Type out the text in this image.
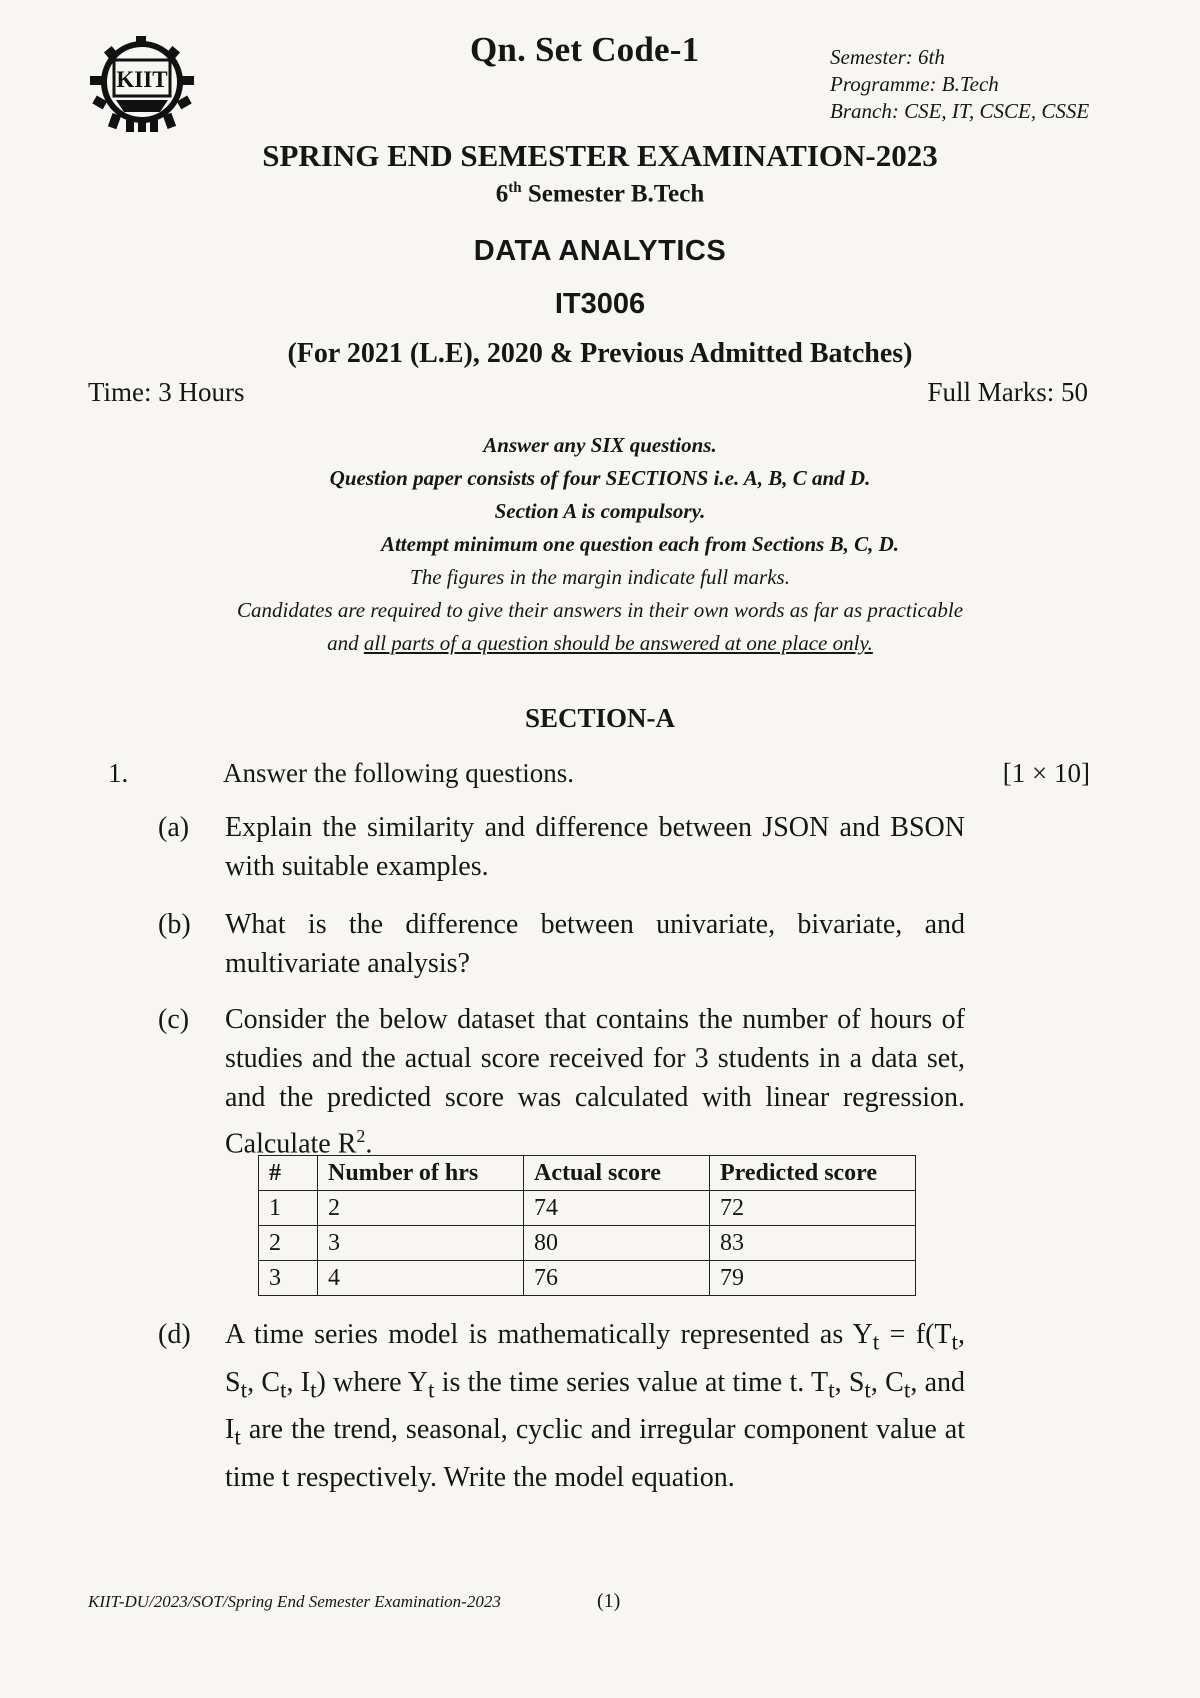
KIIT
Qn. Set Code-1	Semester: 6th
Programme: B.Tech
Branch: CSE, IT, CSCE, CSSE
SPRING END SEMESTER EXAMINATION-2023
6th Semester B.Tech
DATA ANALYTICS
IT3006
(For 2021 (L.E), 2020 & Previous Admitted Batches)
Time: 3 Hours	Full Marks: 50
Answer any SIX questions.
Question paper consists of four SECTIONS i.e. A, B, C and D.
Section A is compulsory.
Attempt minimum one question each from Sections B, C, D.
The figures in the margin indicate full marks.
Candidates are required to give their answers in their own words as far as practicable
and all parts of a question should be answered at one place only.
SECTION-A
1.	Answer the following questions.	[1 × 10]
(a) Explain the similarity and difference between JSON and BSON with suitable examples.
(b) What is the difference between univariate, bivariate, and multivariate analysis?
(c) Consider the below dataset that contains the number of hours of studies and the actual score received for 3 students in a data set, and the predicted score was calculated with linear regression. Calculate $R^2$.
#	Number of hrs	Actual score	Predicted score
1	2	74	72
2	3	80	83
3	4	76	79
(d) A time series model is mathematically represented as $Y_t = f(T_t$, $S_t$, $C_t$, $I_t$) where $Y_t$ is the time series value at time t. $T_t$, $S_t$, $C_t$, and $I_t$ are the trend, seasonal, cyclic and irregular component value at time t respectively. Write the model equation.
KIIT-DU/2023/SOT/Spring End Semester Examination-2023	(1)
